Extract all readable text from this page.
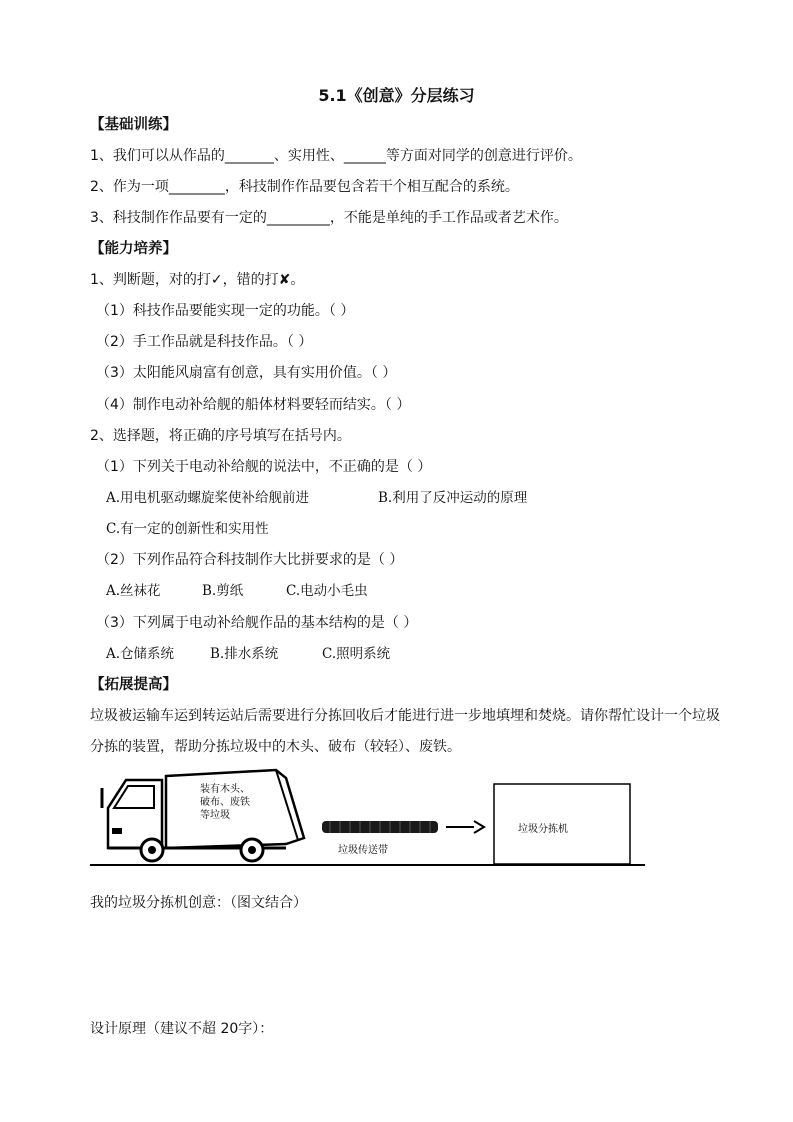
5.1《创意》分层练习
【基础训练】
1、我们可以从作品的_______、实用性、______等方面对同学的创意进行评价。
2、作为一项________，科技制作作品要包含若干个相互配合的系统。
3、科技制作作品要有一定的_________，不能是单纯的手工作品或者艺术作。
【能力培养】
1、判断题，对的打✓，错的打✘。
（1）科技作品要能实现一定的功能。（ ）
（2）手工作品就是科技作品。（ ）
（3）太阳能风扇富有创意，具有实用价值。（ ）
（4）制作电动补给舰的船体材料要轻而结实。（ ）
2、选择题，将正确的序号填写在括号内。
（1）下列关于电动补给舰的说法中，不正确的是（ ）
A.用电机驱动螺旋桨使补给舰前进	B.利用了反冲运动的原理
C.有一定的创新性和实用性
（2）下列作品符合科技制作大比拼要求的是（ ）
A.丝袜花	B.剪纸	C.电动小毛虫
（3）下列属于电动补给舰作品的基本结构的是（ ）
A.仓储系统	B.排水系统	C.照明系统
【拓展提高】
垃圾被运输车运到转运站后需要进行分拣回收后才能进行进一步地填埋和焚烧。请你帮忙设计一个垃圾分拣的装置，帮助分拣垃圾中的木头、破布（较轻）、废铁。
装有木头、
破布、废铁
等垃圾
垃圾传送带
垃圾分拣机
我的垃圾分拣机创意：（图文结合）
设计原理（建议不超 20字）：
